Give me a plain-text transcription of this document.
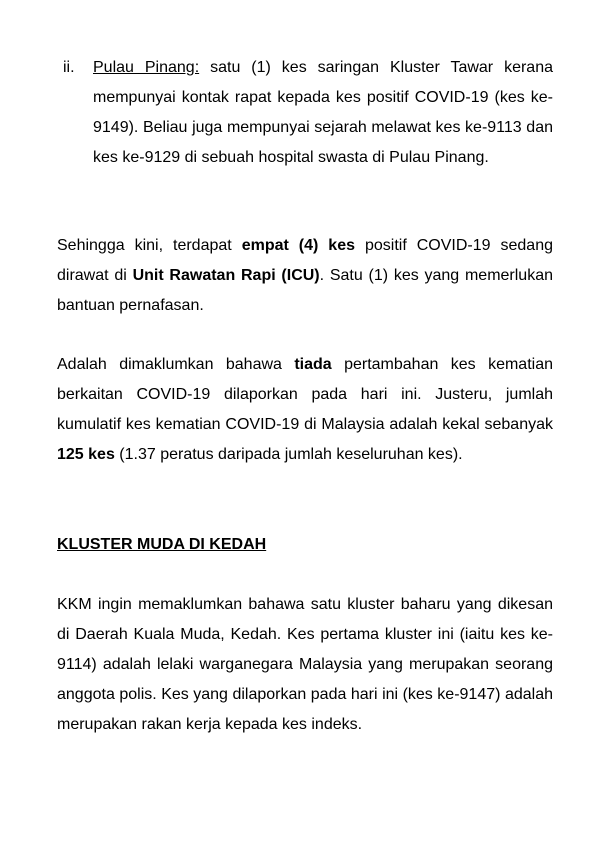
ii. Pulau Pinang: satu (1) kes saringan Kluster Tawar kerana mempunyai kontak rapat kepada kes positif COVID-19 (kes ke-9149). Beliau juga mempunyai sejarah melawat kes ke-9113 dan kes ke-9129 di sebuah hospital swasta di Pulau Pinang.
Sehingga kini, terdapat empat (4) kes positif COVID-19 sedang dirawat di Unit Rawatan Rapi (ICU). Satu (1) kes yang memerlukan bantuan pernafasan.
Adalah dimaklumkan bahawa tiada pertambahan kes kematian berkaitan COVID-19 dilaporkan pada hari ini. Justeru, jumlah kumulatif kes kematian COVID-19 di Malaysia adalah kekal sebanyak 125 kes (1.37 peratus daripada jumlah keseluruhan kes).
KLUSTER MUDA DI KEDAH
KKM ingin memaklumkan bahawa satu kluster baharu yang dikesan di Daerah Kuala Muda, Kedah. Kes pertama kluster ini (iaitu kes ke-9114) adalah lelaki warganegara Malaysia yang merupakan seorang anggota polis. Kes yang dilaporkan pada hari ini (kes ke-9147) adalah merupakan rakan kerja kepada kes indeks.
